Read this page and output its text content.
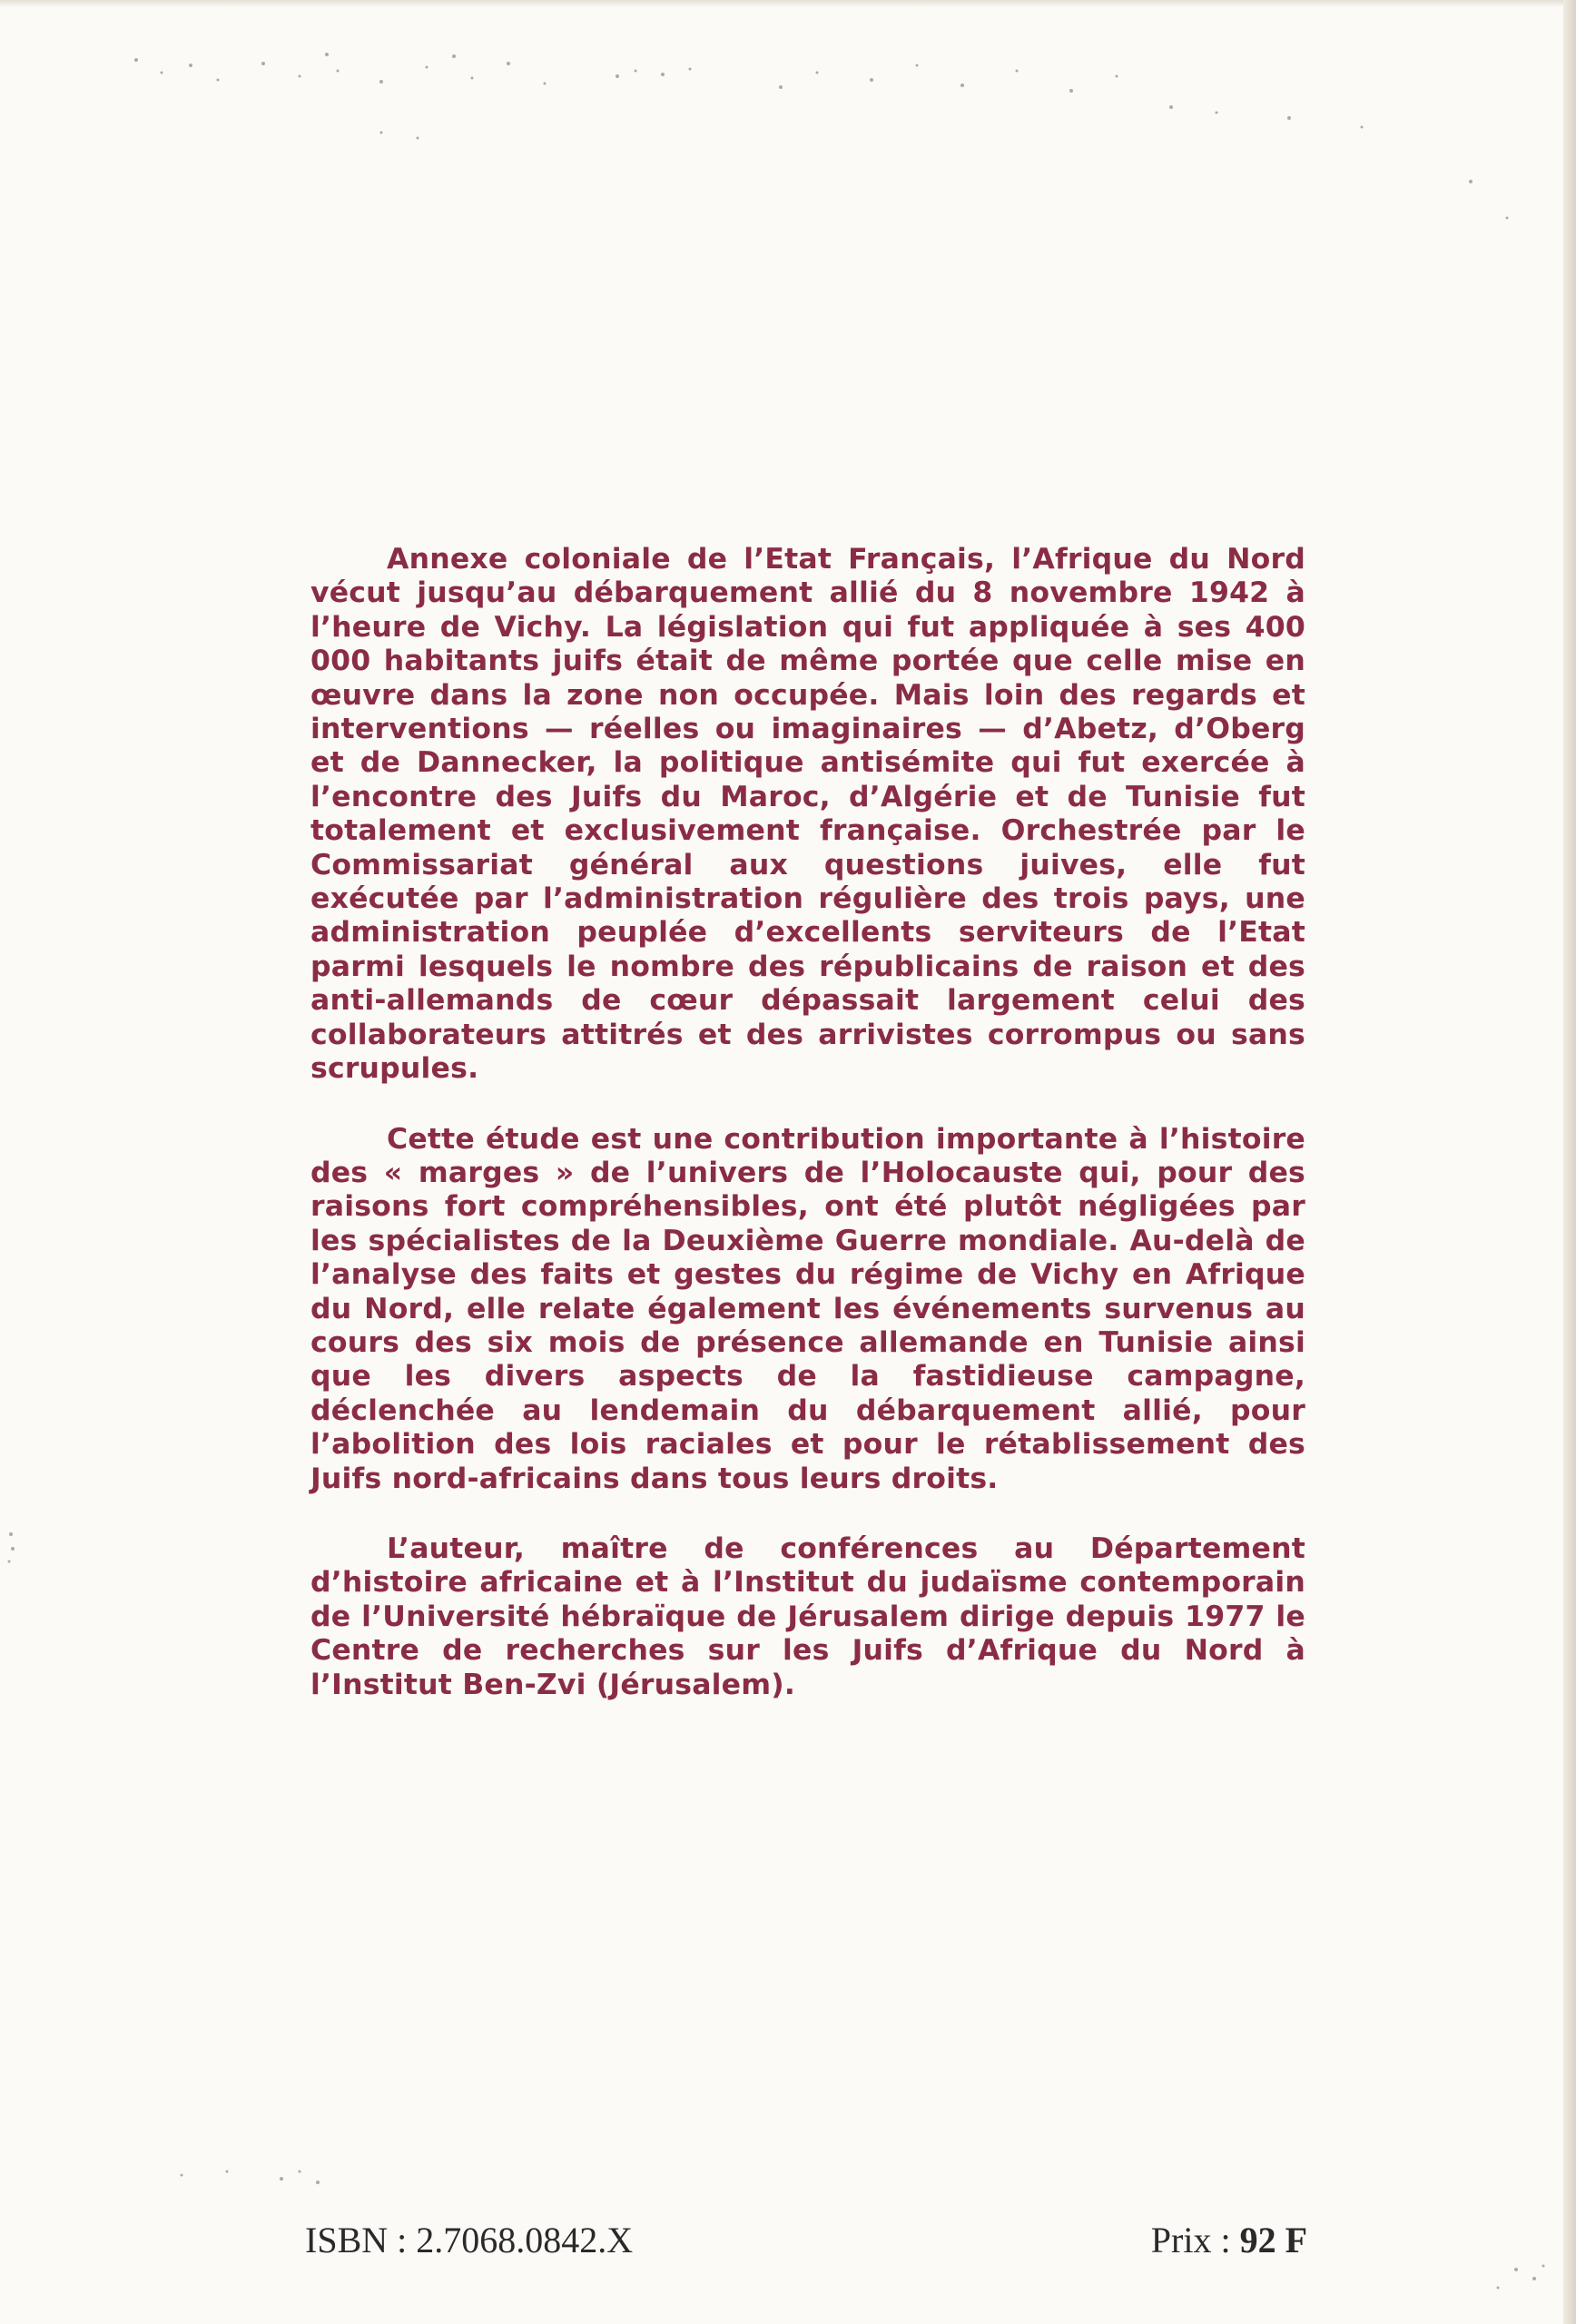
Annexe coloniale de l’Etat Français, l’Afrique du Nord vécut jusqu’au débarquement allié du 8 novembre 1942 à l’heure de Vichy. La législation qui fut appliquée à ses 400 000 habitants juifs était de même portée que celle mise en œuvre dans la zone non occupée. Mais loin des regards et interventions — réelles ou imaginaires — d’Abetz, d’Oberg et de Dannecker, la politique antisémite qui fut exercée à l’encontre des Juifs du Maroc, d’Algérie et de Tunisie fut totalement et exclusivement française. Orchestrée par le Commissariat général aux questions juives, elle fut exécutée par l’administration régulière des trois pays, une administration peuplée d’excellents serviteurs de l’Etat parmi lesquels le nombre des républicains de raison et des anti-allemands de cœur dépassait largement celui des collaborateurs attitrés et des arrivistes corrompus ou sans scrupules.

Cette étude est une contribution importante à l’histoire des « marges » de l’univers de l’Holocauste qui, pour des raisons fort compréhensibles, ont été plutôt négligées par les spécialistes de la Deuxième Guerre mondiale. Au-delà de l’analyse des faits et gestes du régime de Vichy en Afrique du Nord, elle relate également les événements survenus au cours des six mois de présence allemande en Tunisie ainsi que les divers aspects de la fastidieuse campagne, déclenchée au lendemain du débarquement allié, pour l’abolition des lois raciales et pour le rétablissement des Juifs nord-africains dans tous leurs droits.

L’auteur, maître de conférences au Département d’histoire africaine et à l’Institut du judaïsme contemporain de l’Université hébraïque de Jérusalem dirige depuis 1977 le Centre de recherches sur les Juifs d’Afrique du Nord à l’Institut Ben-Zvi (Jérusalem).

ISBN : 2.7068.0842.X	Prix : 92 F
